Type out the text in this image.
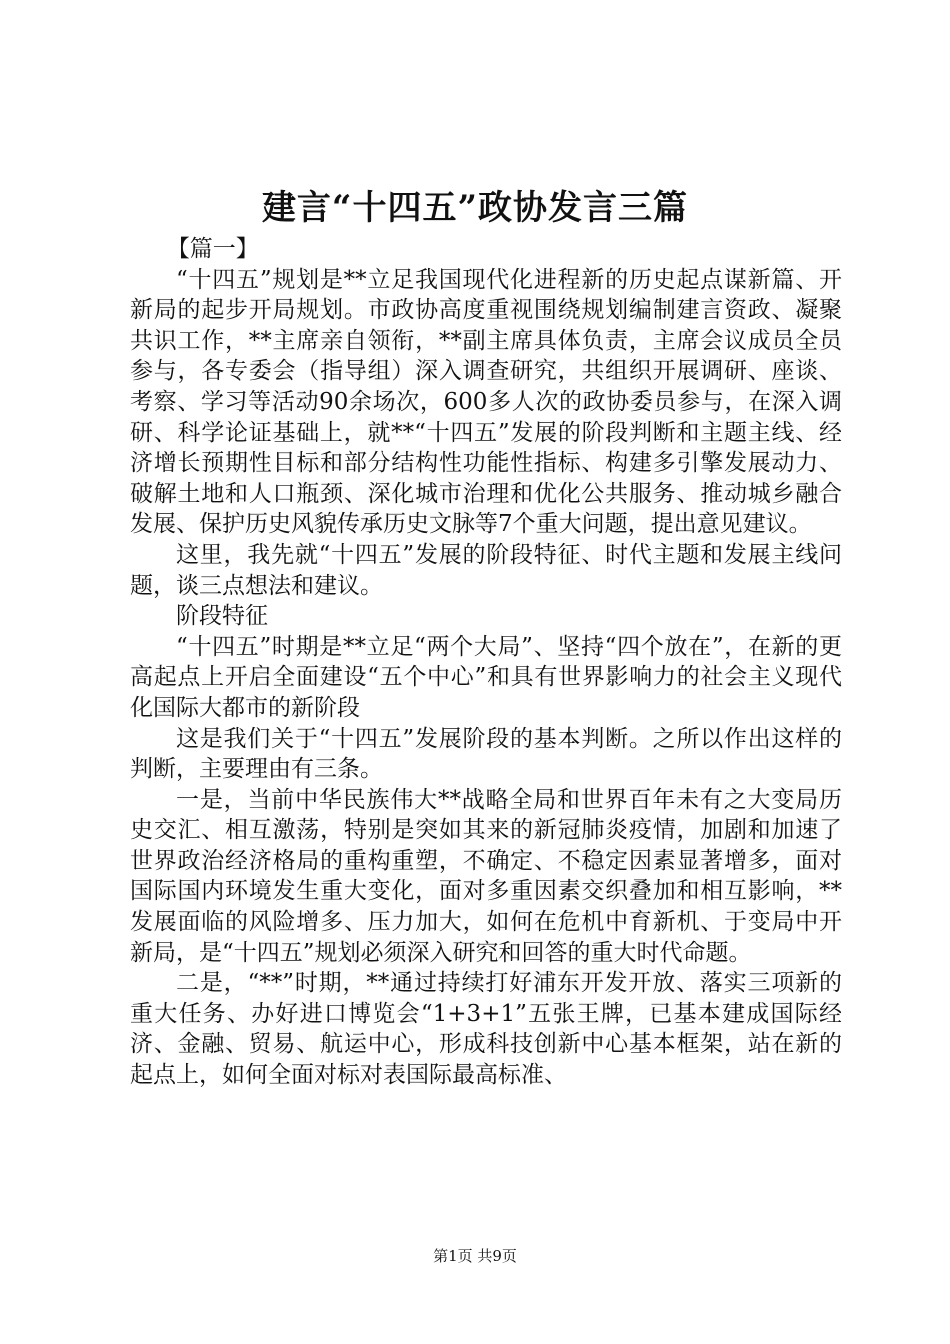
建言“十四五”政协发言三篇

【篇一】

“十四五”规划是**立足我国现代化进程新的历史起点谋新篇、开新局的起步开局规划。市政协高度重视围绕规划编制建言资政、凝聚共识工作，**主席亲自领衔，**副主席具体负责，主席会议成员全员参与，各专委会（指导组）深入调查研究，共组织开展调研、座谈、考察、学习等活动90余场次，600多人次的政协委员参与，在深入调研、科学论证基础上，就**“十四五”发展的阶段判断和主题主线、经济增长预期性目标和部分结构性功能性指标、构建多引擎发展动力、破解土地和人口瓶颈、深化城市治理和优化公共服务、推动城乡融合发展、保护历史风貌传承历史文脉等7个重大问题，提出意见建议。

这里，我先就“十四五”发展的阶段特征、时代主题和发展主线问题，谈三点想法和建议。

阶段特征

“十四五”时期是**立足“两个大局”、坚持“四个放在”，在新的更高起点上开启全面建设“五个中心”和具有世界影响力的社会主义现代化国际大都市的新阶段

这是我们关于“十四五”发展阶段的基本判断。之所以作出这样的判断，主要理由有三条。

一是，当前中华民族伟大**战略全局和世界百年未有之大变局历史交汇、相互激荡，特别是突如其来的新冠肺炎疫情，加剧和加速了世界政治经济格局的重构重塑，不确定、不稳定因素显著增多，面对国际国内环境发生重大变化，面对多重因素交织叠加和相互影响，**发展面临的风险增多、压力加大，如何在危机中育新机、于变局中开新局，是“十四五”规划必须深入研究和回答的重大时代命题。

二是，“**”时期，**通过持续打好浦东开发开放、落实三项新的重大任务、办好进口博览会“1+3+1”五张王牌，已基本建成国际经济、金融、贸易、航运中心，形成科技创新中心基本框架，站在新的起点上，如何全面对标对表国际最高标准、

第1页 共9页
